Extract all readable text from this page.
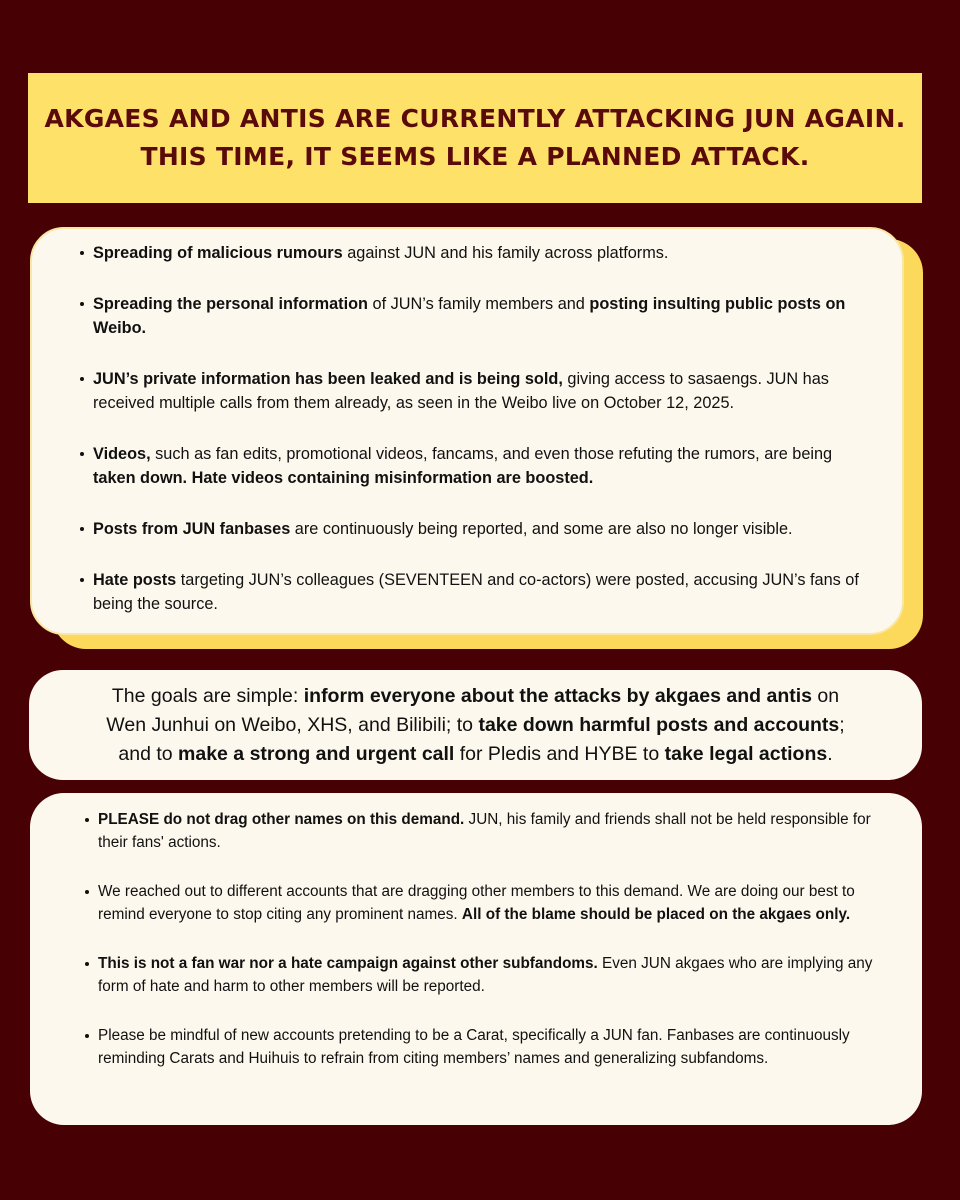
AKGAES AND ANTIS ARE CURRENTLY ATTACKING JUN AGAIN.
THIS TIME, IT SEEMS LIKE A PLANNED ATTACK.
Spreading of malicious rumours against JUN and his family across platforms.
Spreading the personal information of JUN’s family members and posting insulting public posts on Weibo.
JUN’s private information has been leaked and is being sold, giving access to sasaengs. JUN has received multiple calls from them already, as seen in the Weibo live on October 12, 2025.
Videos, such as fan edits, promotional videos, fancams, and even those refuting the rumors, are being taken down. Hate videos containing misinformation are boosted.
Posts from JUN fanbases are continuously being reported, and some are also no longer visible.
Hate posts targeting JUN’s colleagues (SEVENTEEN and co-actors) were posted, accusing JUN’s fans of being the source.
The goals are simple: inform everyone about the attacks by akgaes and antis on
Wen Junhui on Weibo, XHS, and Bilibili; to take down harmful posts and accounts;
and to make a strong and urgent call for Pledis and HYBE to take legal actions.
PLEASE do not drag other names on this demand. JUN, his family and friends shall not be held responsible for their fans' actions.
We reached out to different accounts that are dragging other members to this demand. We are doing our best to remind everyone to stop citing any prominent names. All of the blame should be placed on the akgaes only.
This is not a fan war nor a hate campaign against other subfandoms. Even JUN akgaes who are implying any form of hate and harm to other members will be reported.
Please be mindful of new accounts pretending to be a Carat, specifically a JUN fan. Fanbases are continuously reminding Carats and Huihuis to refrain from citing members’ names and generalizing subfandoms.
